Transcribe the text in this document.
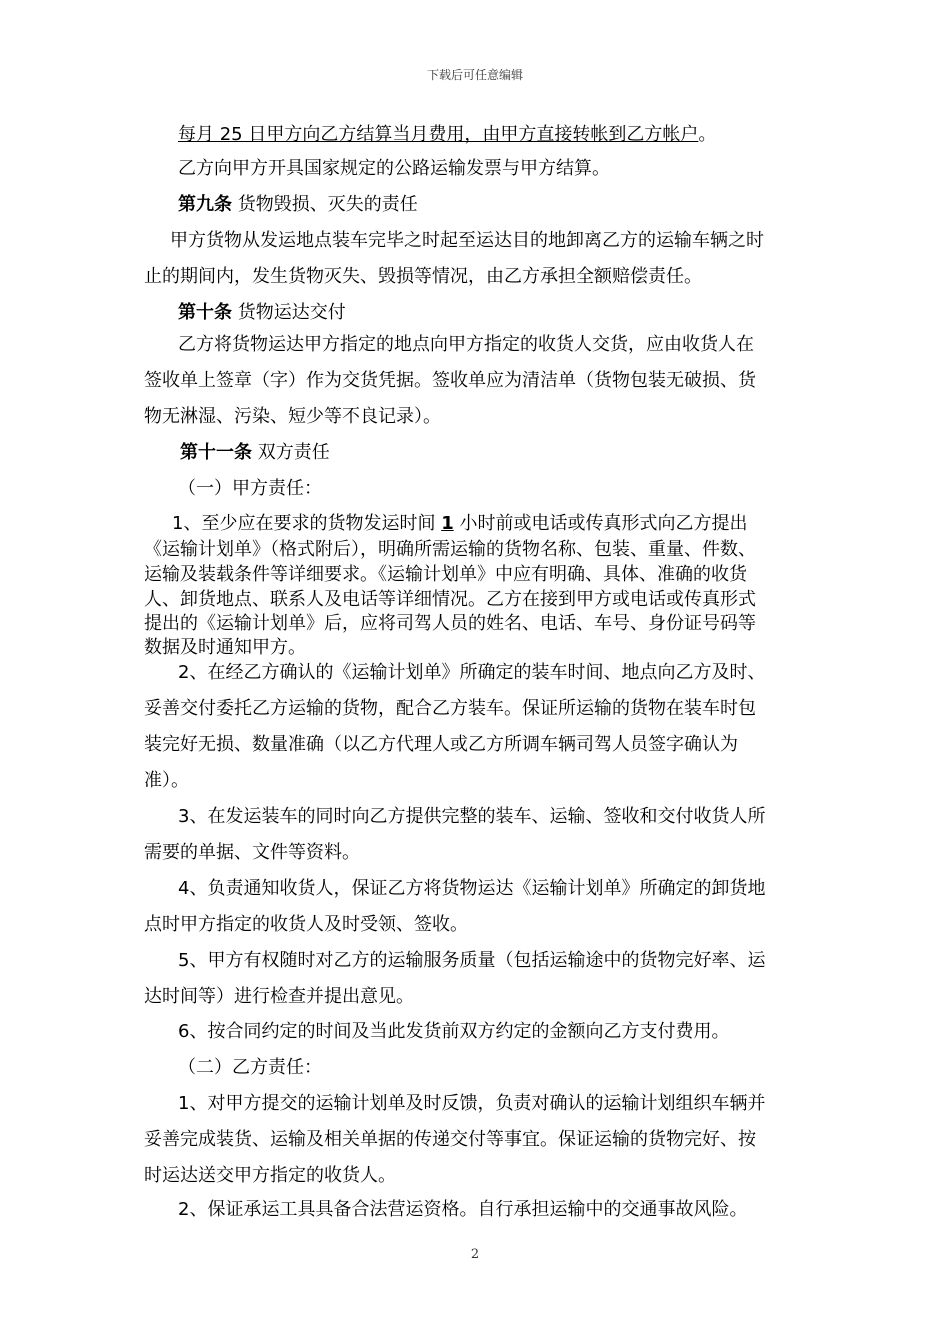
下载后可任意编辑
每月 25 日甲方向乙方结算当月费用，由甲方直接转帐到乙方帐户。
乙方向甲方开具国家规定的公路运输发票与甲方结算。
第九条 货物毁损、灭失的责任
甲方货物从发运地点装车完毕之时起至运达目的地卸离乙方的运输车辆之时
止的期间内，发生货物灭失、毁损等情况，由乙方承担全额赔偿责任。
第十条 货物运达交付
乙方将货物运达甲方指定的地点向甲方指定的收货人交货，应由收货人在
签收单上签章（字）作为交货凭据。签收单应为清洁单（货物包装无破损、货
物无淋湿、污染、短少等不良记录）。
第十一条 双方责任
（一）甲方责任：
1、至少应在要求的货物发运时间 1 小时前或电话或传真形式向乙方提出
《运输计划单》（格式附后），明确所需运输的货物名称、包装、重量、件数、
运输及装载条件等详细要求。《运输计划单》中应有明确、具体、准确的收货
人、卸货地点、联系人及电话等详细情况。乙方在接到甲方或电话或传真形式
提出的《运输计划单》后，应将司驾人员的姓名、电话、车号、身份证号码等
数据及时通知甲方。
2、在经乙方确认的《运输计划单》所确定的装车时间、地点向乙方及时、
妥善交付委托乙方运输的货物，配合乙方装车。保证所运输的货物在装车时包
装完好无损、数量准确（以乙方代理人或乙方所调车辆司驾人员签字确认为
准）。
3、在发运装车的同时向乙方提供完整的装车、运输、签收和交付收货人所
需要的单据、文件等资料。
4、负责通知收货人，保证乙方将货物运达《运输计划单》所确定的卸货地
点时甲方指定的收货人及时受领、签收。
5、甲方有权随时对乙方的运输服务质量（包括运输途中的货物完好率、运
达时间等）进行检查并提出意见。
6、按合同约定的时间及当此发货前双方约定的金额向乙方支付费用。
（二）乙方责任：
1、对甲方提交的运输计划单及时反馈，负责对确认的运输计划组织车辆并
妥善完成装货、运输及相关单据的传递交付等事宜。保证运输的货物完好、按
时运达送交甲方指定的收货人。
2、保证承运工具具备合法营运资格。自行承担运输中的交通事故风险。
2
